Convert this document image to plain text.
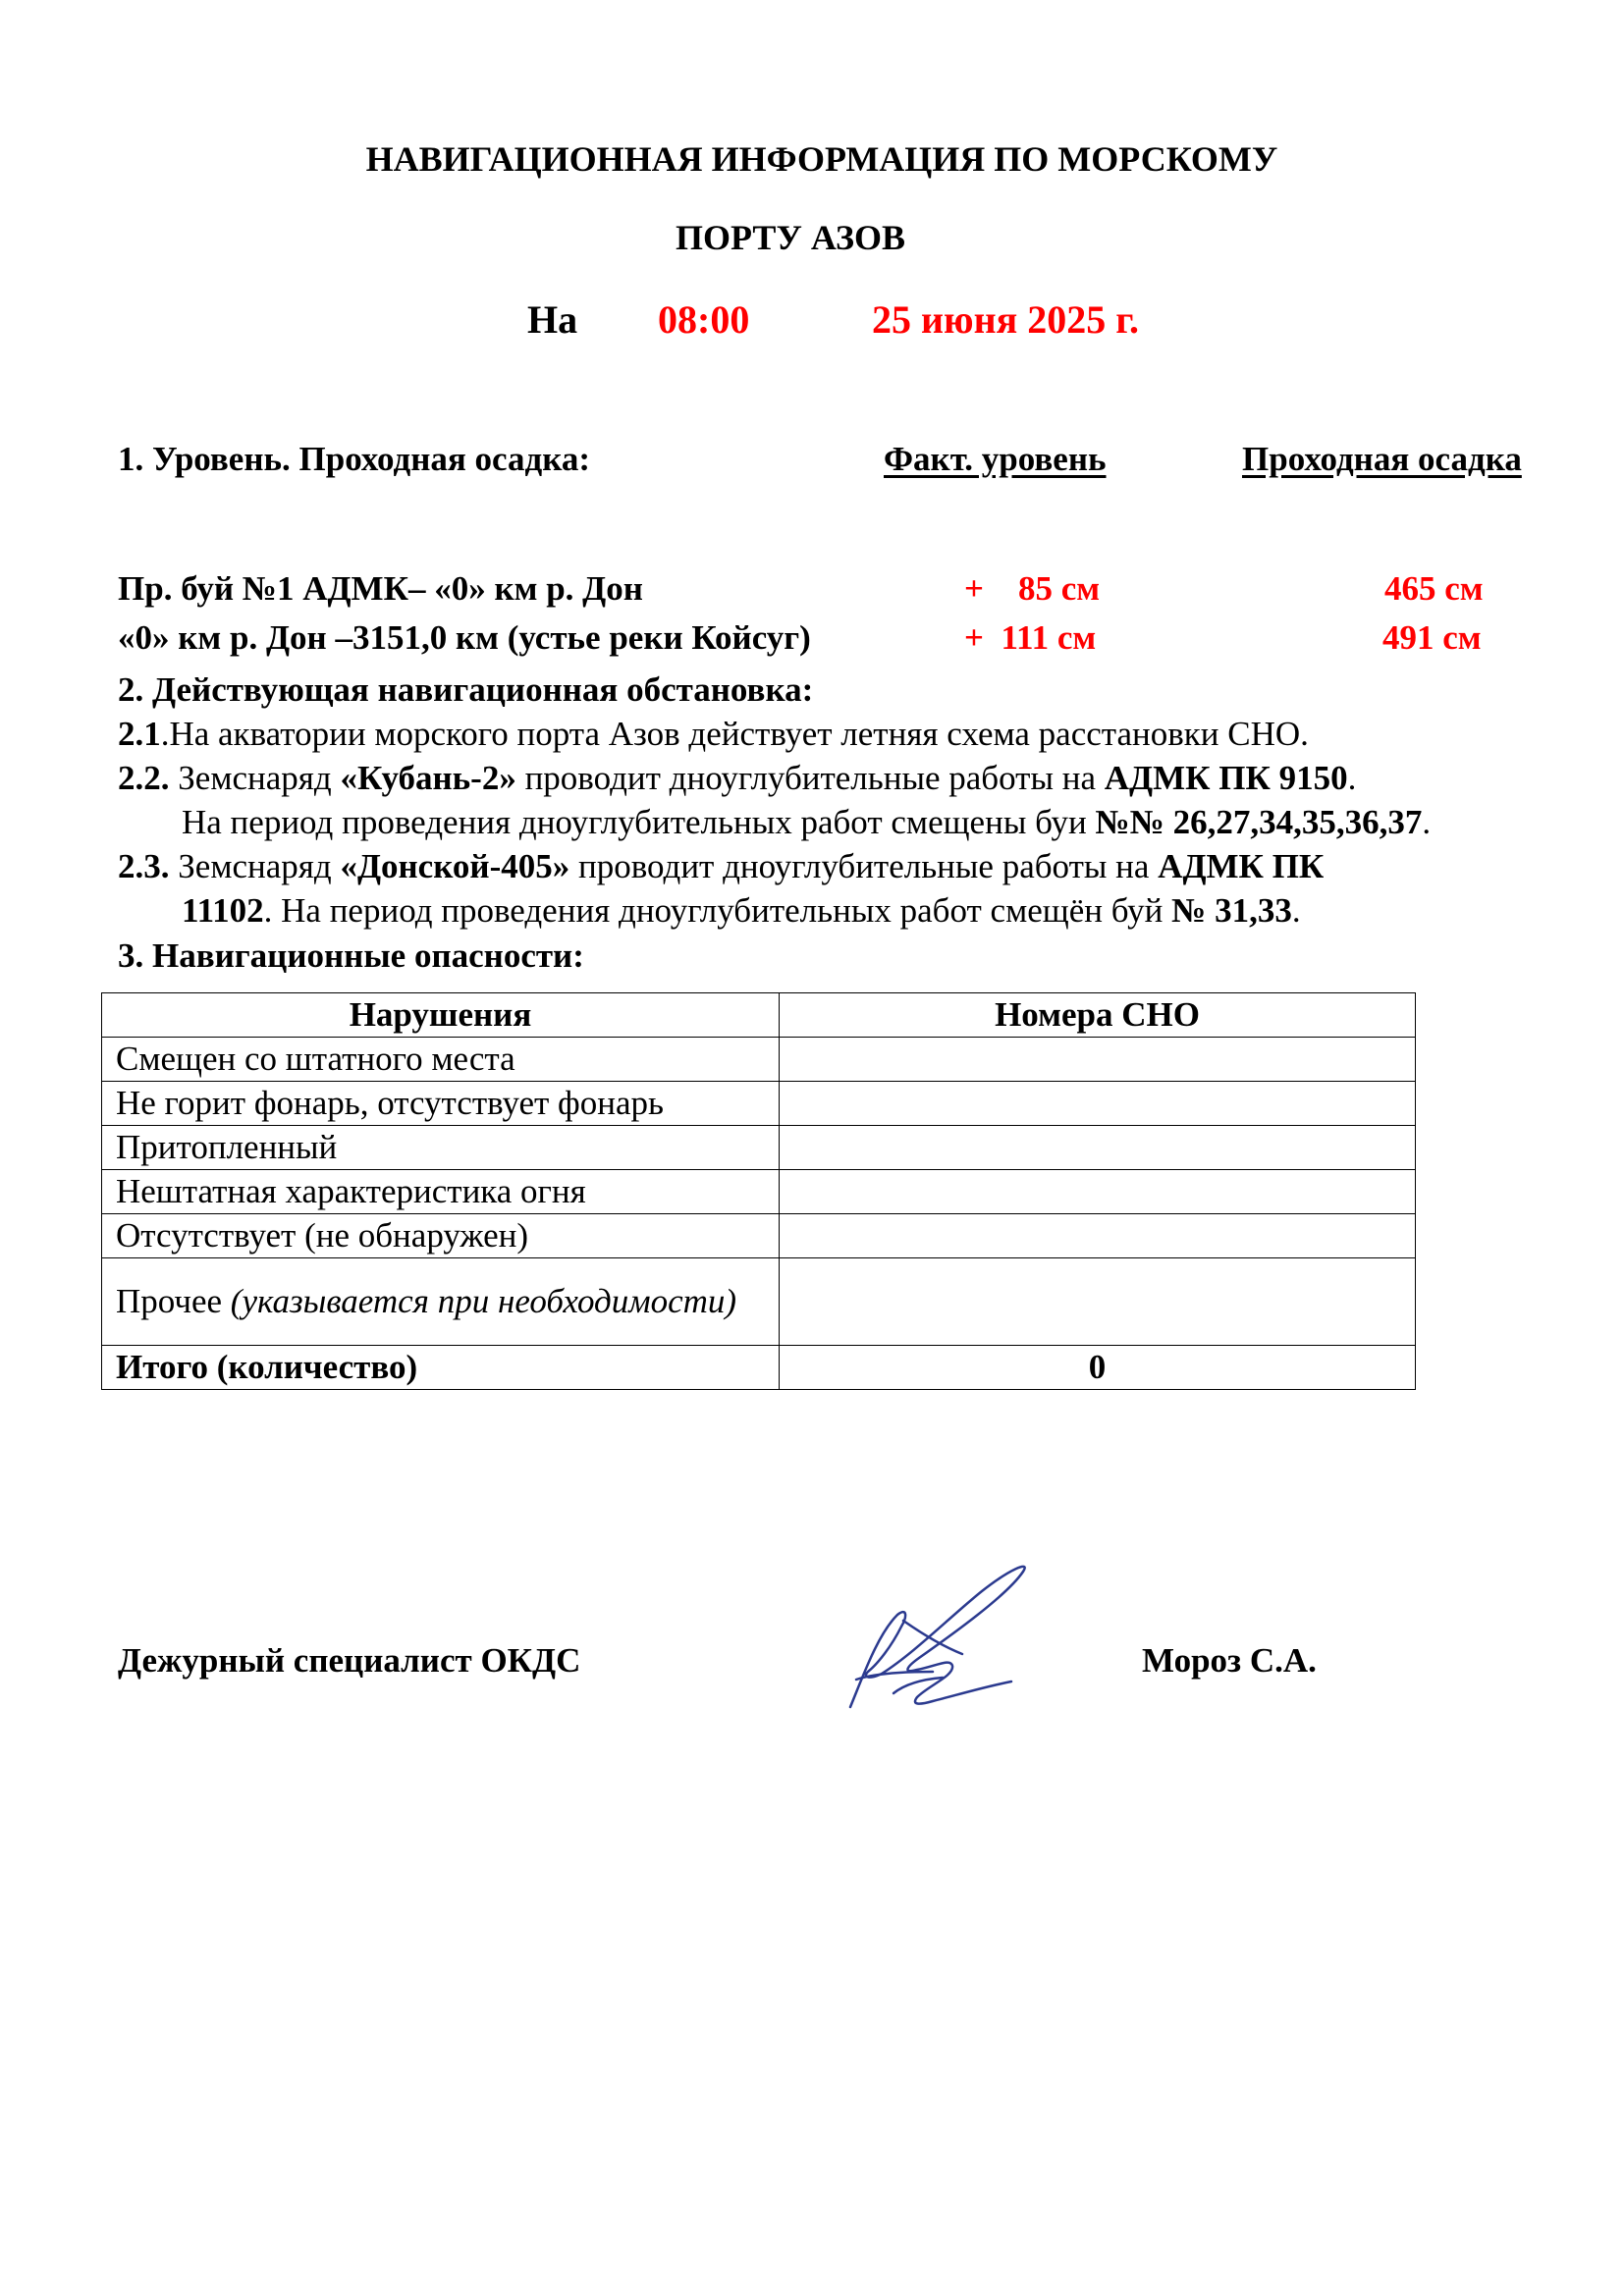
НАВИГАЦИОННАЯ ИНФОРМАЦИЯ ПО МОРСКОМУ
ПОРТУ АЗОВ
На 08:00	25 июня 2025 г.
1. Уровень. Проходная осадка:	Факт. уровень	Проходная осадка
Пр. буй №1 АДМК– «0» км р. Дон	+    85 см	465 см
«0» км р. Дон –3151,0 км (устье реки Койсуг)	+  111 см	491 см
2. Действующая навигационная обстановка:
2.1.На акватории морского порта Азов действует летняя схема расстановки СНО.
2.2. Земснаряд «Кубань-2» проводит дноуглубительные работы на АДМК ПК 9150.
На период проведения дноуглубительных работ смещены буи №№ 26,27,34,35,36,37.
2.3. Земснаряд «Донской-405» проводит дноуглубительные работы на АДМК ПК
11102. На период проведения дноуглубительных работ смещён буй № 31,33.
3. Навигационные опасности:
Нарушения	Номера СНО
Смещен со штатного места	
Не горит фонарь, отсутствует фонарь	
Притопленный	
Нештатная характеристика огня	
Отсутствует (не обнаружен)	
Прочее (указывается при необходимости)	
Итого (количество)	0
Дежурный специалист ОКДС	Мороз С.А.
